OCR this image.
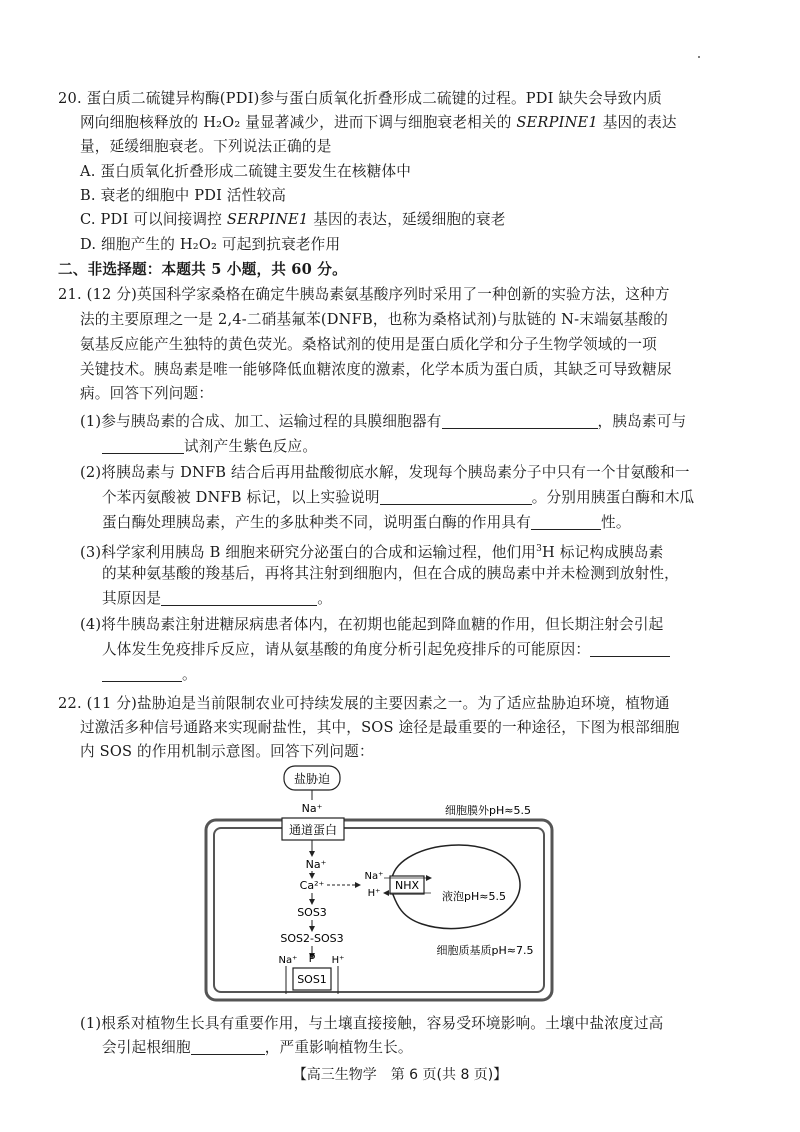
20. 蛋白质二硫键异构酶(PDI)参与蛋白质氧化折叠形成二硫键的过程。PDI 缺失会导致内质
网向细胞核释放的 H₂O₂ 量显著减少，进而下调与细胞衰老相关的 SERPINE1 基因的表达
量，延缓细胞衰老。下列说法正确的是
A. 蛋白质氧化折叠形成二硫键主要发生在核糖体中
B. 衰老的细胞中 PDI 活性较高
C. PDI 可以间接调控 SERPINE1 基因的表达，延缓细胞的衰老
D. 细胞产生的 H₂O₂ 可起到抗衰老作用
二、非选择题：本题共 5 小题，共 60 分。
21. (12 分)英国科学家桑格在确定牛胰岛素氨基酸序列时采用了一种创新的实验方法，这种方
法的主要原理之一是 2,4-二硝基氟苯(DNFB，也称为桑格试剂)与肽链的 N-末端氨基酸的
氨基反应能产生独特的黄色荧光。桑格试剂的使用是蛋白质化学和分子生物学领域的一项
关键技术。胰岛素是唯一能够降低血糖浓度的激素，化学本质为蛋白质，其缺乏可导致糖尿
病。回答下列问题：
(1)参与胰岛素的合成、加工、运输过程的具膜细胞器有	，胰岛素可与
试剂产生紫色反应。
(2)将胰岛素与 DNFB 结合后再用盐酸彻底水解，发现每个胰岛素分子中只有一个甘氨酸和一
个苯丙氨酸被 DNFB 标记，以上实验说明	。分别用胰蛋白酶和木瓜
蛋白酶处理胰岛素，产生的多肽种类不同，说明蛋白酶的作用具有	性。
(3)科学家利用胰岛 B 细胞来研究分泌蛋白的合成和运输过程，他们用$^3$H 标记构成胰岛素
的某种氨基酸的羧基后，再将其注射到细胞内，但在合成的胰岛素中并未检测到放射性，
其原因是	。
(4)将牛胰岛素注射进糖尿病患者体内，在初期也能起到降血糖的作用，但长期注射会引起
人体发生免疫排斥反应，请从氨基酸的角度分析引起免疫排斥的可能原因：
。
22. (11 分)盐胁迫是当前限制农业可持续发展的主要因素之一。为了适应盐胁迫环境，植物通
过激活多种信号通路来实现耐盐性，其中，SOS 途径是最重要的一种途径，下图为根部细胞
内 SOS 的作用机制示意图。回答下列问题：
盐胁迫
Na⁺
通道蛋白
细胞膜外pH≈5.5
Na⁺
Ca²⁺	NHX
Na⁺
H⁺	液泡pH≈5.5
SOS3
SOS2-SOS3
细胞质基质pH≈7.5
Na⁺ P H⁺
SOS1
(1)根系对植物生长具有重要作用，与土壤直接接触，容易受环境影响。土壤中盐浓度过高
会引起根细胞	，严重影响植物生长。
【高三生物学　第 6 页(共 8 页)】
